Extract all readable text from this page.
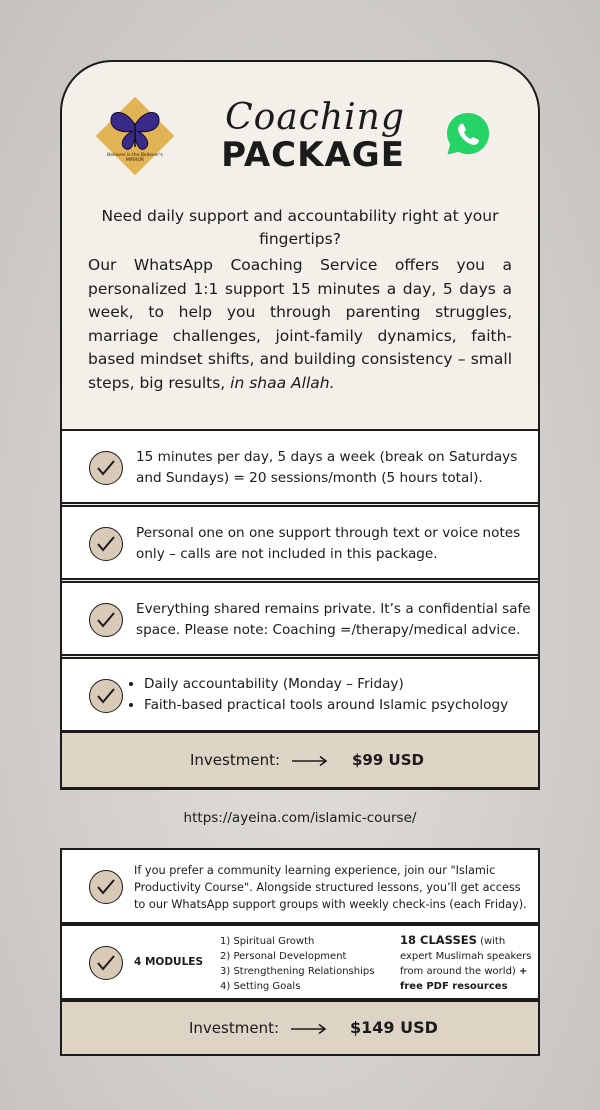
Believer is the Believer's MIRROR
Coaching
PACKAGE
Need daily support and accountability right at your fingertips?
Our WhatsApp Coaching Service offers you a personalized 1:1 support 15 minutes a day, 5 days a week, to help you through parenting struggles, marriage challenges, joint-family dynamics, faith-based mindset shifts, and building consistency – small steps, big results, in shaa Allah.
15 minutes per day, 5 days a week (break on Saturdays and Sundays) = 20 sessions/month (5 hours total).
Personal one on one support through text or voice notes only – calls are not included in this package.
Everything shared remains private. It’s a confidential safe space. Please note: Coaching =/therapy/medical advice.
• Daily accountability (Monday – Friday)
• Faith-based practical tools around Islamic psychology
Investment:	$99 USD
https://ayeina.com/islamic-course/
If you prefer a community learning experience, join our "Islamic Productivity Course". Alongside structured lessons, you’ll get access to our WhatsApp support groups with weekly check-ins (each Friday).
4 MODULES
1) Spiritual Growth
2) Personal Development
3) Strengthening Relationships
4) Setting Goals
18 CLASSES (with expert Muslimah speakers from around the world) +
free PDF resources
Investment:	$149 USD
